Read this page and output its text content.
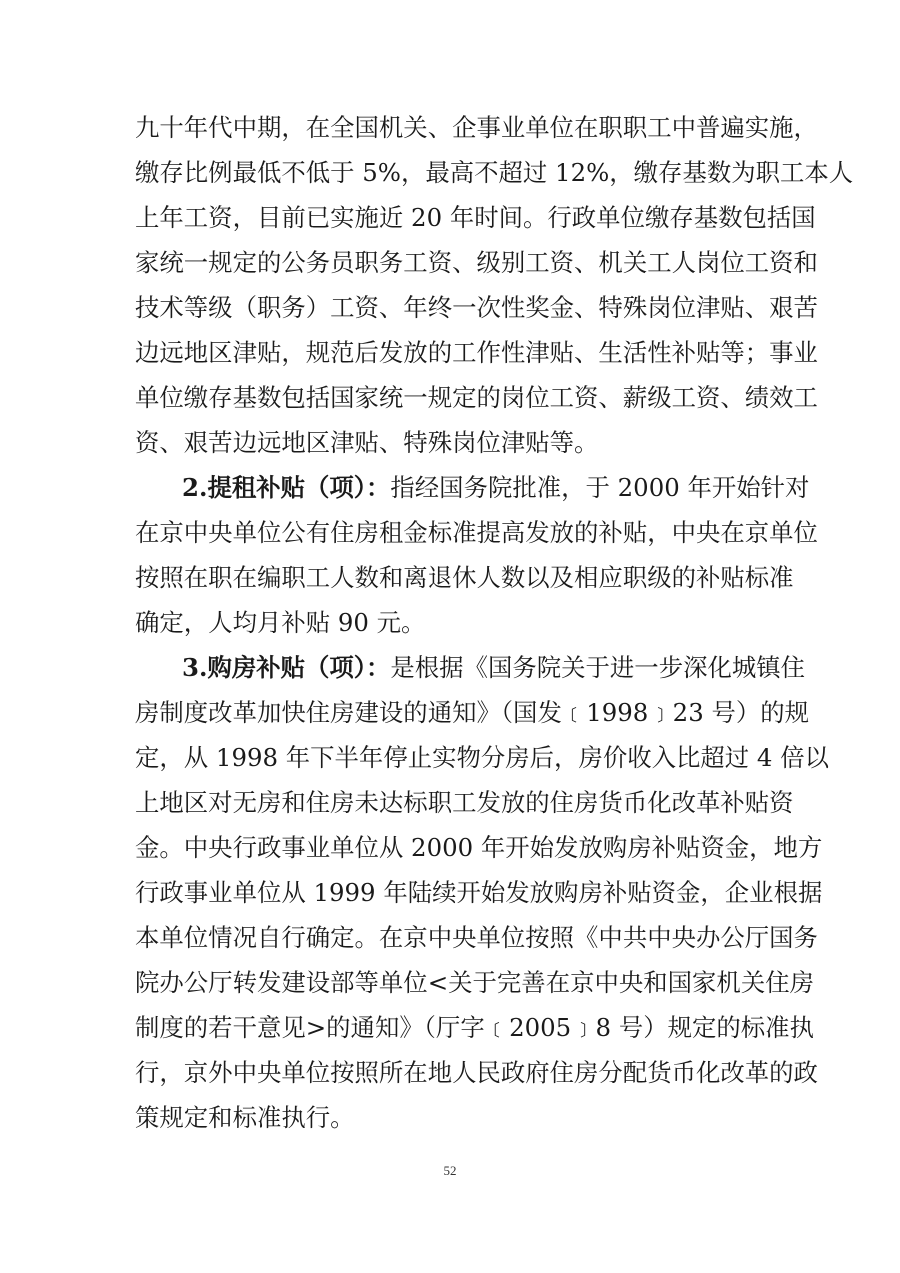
九十年代中期，在全国机关、企事业单位在职职工中普遍实施，
缴存比例最低不低于 5%，最高不超过 12%，缴存基数为职工本人
上年工资，目前已实施近 20 年时间。行政单位缴存基数包括国
家统一规定的公务员职务工资、级别工资、机关工人岗位工资和
技术等级（职务）工资、年终一次性奖金、特殊岗位津贴、艰苦
边远地区津贴，规范后发放的工作性津贴、生活性补贴等；事业
单位缴存基数包括国家统一规定的岗位工资、薪级工资、绩效工
资、艰苦边远地区津贴、特殊岗位津贴等。
2.提租补贴（项）：指经国务院批准，于 2000 年开始针对
在京中央单位公有住房租金标准提高发放的补贴，中央在京单位
按照在职在编职工人数和离退休人数以及相应职级的补贴标准
确定，人均月补贴 90 元。
3.购房补贴（项）：是根据《国务院关于进一步深化城镇住
房制度改革加快住房建设的通知》（国发﹝1998﹞23 号）的规
定，从 1998 年下半年停止实物分房后，房价收入比超过 4 倍以
上地区对无房和住房未达标职工发放的住房货币化改革补贴资
金。中央行政事业单位从 2000 年开始发放购房补贴资金，地方
行政事业单位从 1999 年陆续开始发放购房补贴资金，企业根据
本单位情况自行确定。在京中央单位按照《中共中央办公厅国务
院办公厅转发建设部等单位<关于完善在京中央和国家机关住房
制度的若干意见>的通知》（厅字﹝2005﹞8 号）规定的标准执
行，京外中央单位按照所在地人民政府住房分配货币化改革的政
策规定和标准执行。
52
